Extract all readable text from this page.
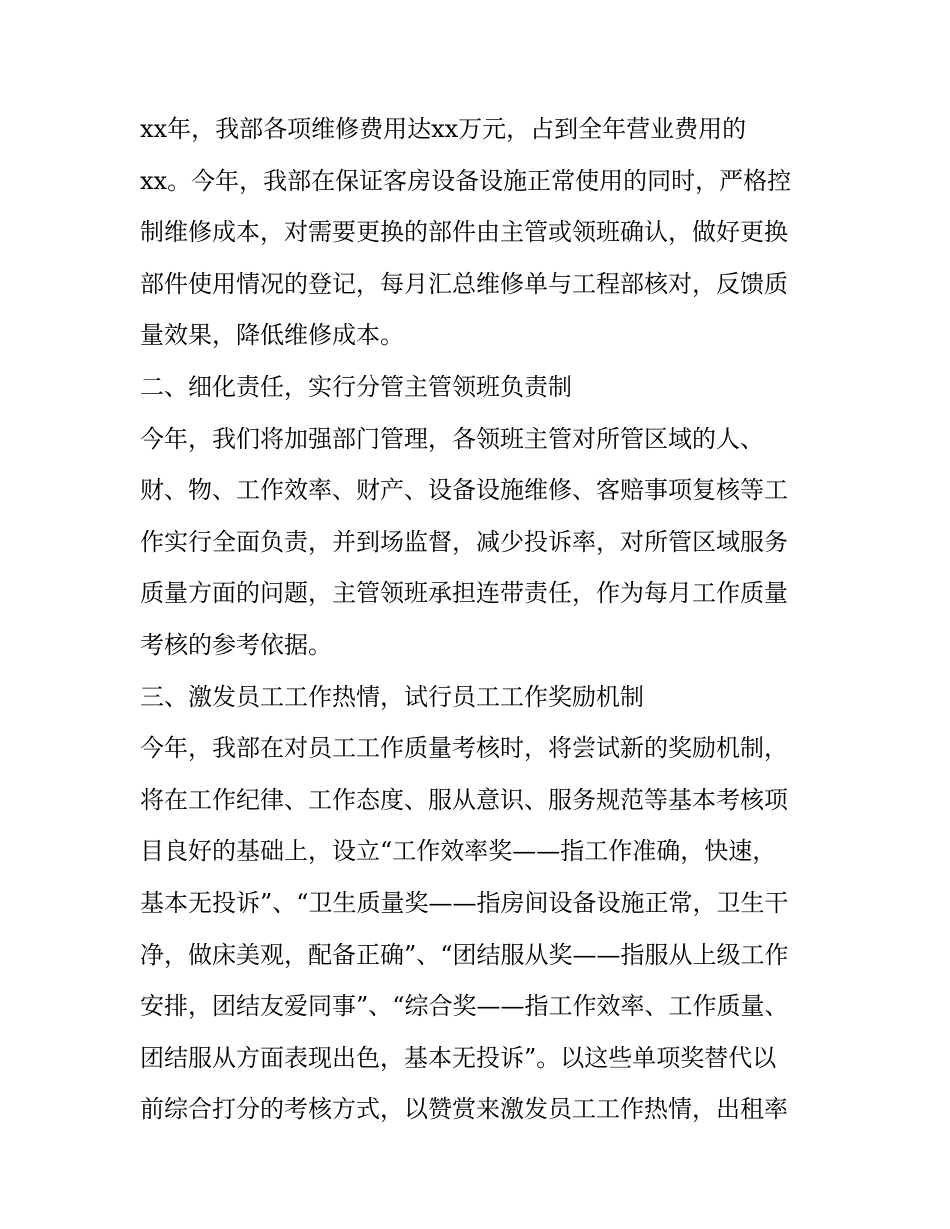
xx年，我部各项维修费用达xx万元，占到全年营业费用的
xx。今年，我部在保证客房设备设施正常使用的同时，严格控
制维修成本，对需要更换的部件由主管或领班确认，做好更换
部件使用情况的登记，每月汇总维修单与工程部核对，反馈质
量效果，降低维修成本。
二、细化责任，实行分管主管领班负责制
今年，我们将加强部门管理，各领班主管对所管区域的人、
财、物、工作效率、财产、设备设施维修、客赔事项复核等工
作实行全面负责，并到场监督，减少投诉率，对所管区域服务
质量方面的问题，主管领班承担连带责任，作为每月工作质量
考核的参考依据。
三、激发员工工作热情，试行员工工作奖励机制
今年，我部在对员工工作质量考核时，将尝试新的奖励机制，
将在工作纪律、工作态度、服从意识、服务规范等基本考核项
目良好的基础上，设立“工作效率奖——指工作准确，快速，
基本无投诉”、“卫生质量奖——指房间设备设施正常，卫生干
净，做床美观，配备正确”、“团结服从奖——指服从上级工作
安排，团结友爱同事”、“综合奖——指工作效率、工作质量、
团结服从方面表现出色，基本无投诉”。以这些单项奖替代以
前综合打分的考核方式，以赞赏来激发员工工作热情，出租率
